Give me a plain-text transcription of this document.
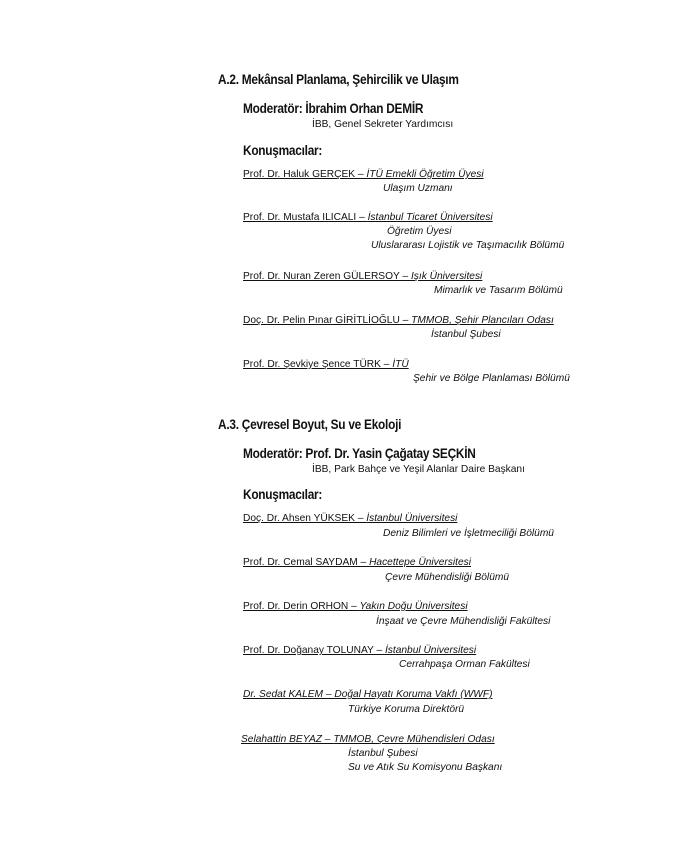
A.2. Mekânsal Planlama, Şehircilik ve Ulaşım
Moderatör: İbrahim Orhan DEMİR
İBB, Genel Sekreter Yardımcısı
Konuşmacılar:
Prof. Dr. Haluk GERÇEK – İTÜ Emekli Öğretim Üyesi
Ulaşım Uzmanı
Prof. Dr. Mustafa ILICALI – İstanbul Ticaret Üniversitesi
Öğretim Üyesi
Uluslararası Lojistik ve Taşımacılık Bölümü
Prof. Dr. Nuran Zeren GÜLERSOY – Işık Üniversitesi
Mimarlık ve Tasarım Bölümü
Doç. Dr. Pelin Pınar GİRİTLİOĞLU – TMMOB, Şehir Plancıları Odası
İstanbul Şubesi
Prof. Dr. Şevkiye Şence TÜRK – İTÜ
Şehir ve Bölge Planlaması Bölümü
A.3. Çevresel Boyut, Su ve Ekoloji
Moderatör: Prof. Dr. Yasin Çağatay SEÇKİN
İBB, Park Bahçe ve Yeşil Alanlar Daire Başkanı
Konuşmacılar:
Doç. Dr. Ahsen YÜKSEK – İstanbul Üniversitesi
Deniz Bilimleri ve İşletmeciliği Bölümü
Prof. Dr. Cemal SAYDAM – Hacettepe Üniversitesi
Çevre Mühendisliği Bölümü
Prof. Dr. Derin ORHON – Yakın Doğu Üniversitesi
İnşaat ve Çevre Mühendisliği Fakültesi
Prof. Dr. Doğanay TOLUNAY – İstanbul Üniversitesi
Cerrahpaşa Orman Fakültesi
Dr. Sedat KALEM – Doğal Hayatı Koruma Vakfı (WWF)
Türkiye Koruma Direktörü
Selahattin BEYAZ – TMMOB, Çevre Mühendisleri Odası
İstanbul Şubesi
Su ve Atık Su Komisyonu Başkanı
